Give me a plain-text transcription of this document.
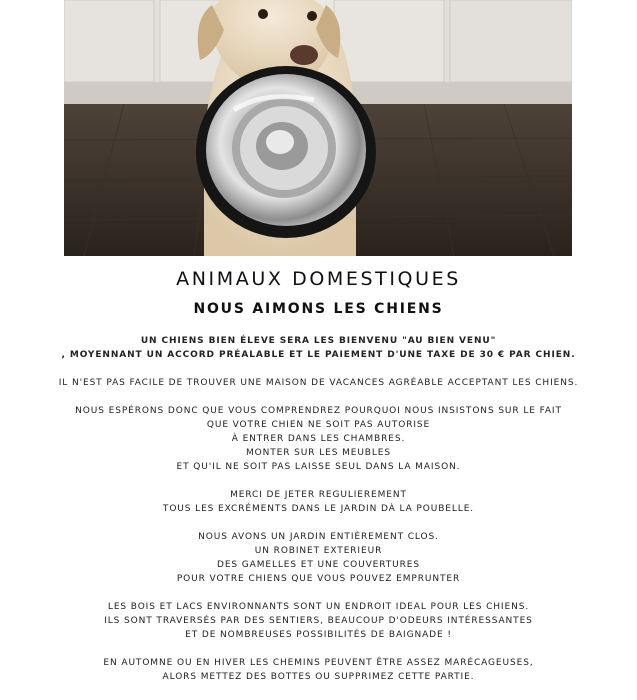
ANIMAUX DOMESTIQUES
NOUS AIMONS LES CHIENS

UN CHIENS BIEN ÉLEVE SERA LES BIENVENU "AU BIEN VENU"
, MOYENNANT UN ACCORD PRÉALABLE ET LE PAIEMENT D'UNE TAXE DE 30 € PAR CHIEN.

IL N'EST PAS FACILE DE TROUVER UNE MAISON DE VACANCES AGRÉABLE ACCEPTANT LES CHIENS.

NOUS ESPÉRONS DONC QUE VOUS COMPRENDREZ POURQUOI NOUS INSISTONS SUR LE FAIT
QUE VOTRE CHIEN NE SOIT PAS AUTORISE
À ENTRER DANS LES CHAMBRES.
MONTER SUR LES MEUBLES
ET QU'IL NE SOIT PAS LAISSE SEUL DANS LA MAISON.

MERCI DE JETER REGULIEREMENT
TOUS LES EXCRÉMENTS DANS LE JARDIN DÀ LA POUBELLE.

NOUS AVONS UN JARDIN ENTIÈREMENT CLOS.
UN ROBINET EXTERIEUR
DES GAMELLES ET UNE COUVERTURES
POUR VOTRE CHIENS QUE VOUS POUVEZ EMPRUNTER

LES BOIS ET LACS ENVIRONNANTS SONT UN ENDROIT IDEAL POUR LES CHIENS.
ILS SONT TRAVERSÉS PAR DES SENTIERS, BEAUCOUP D'ODEURS INTÉRESSANTES
ET DE NOMBREUSES POSSIBILITÉS DE BAIGNADE !

EN AUTOMNE OU EN HIVER LES CHEMINS PEUVENT ÊTRE ASSEZ MARÉCAGEUSES,
ALORS METTEZ DES BOTTES OU SUPPRIMEZ CETTE PARTIE.
